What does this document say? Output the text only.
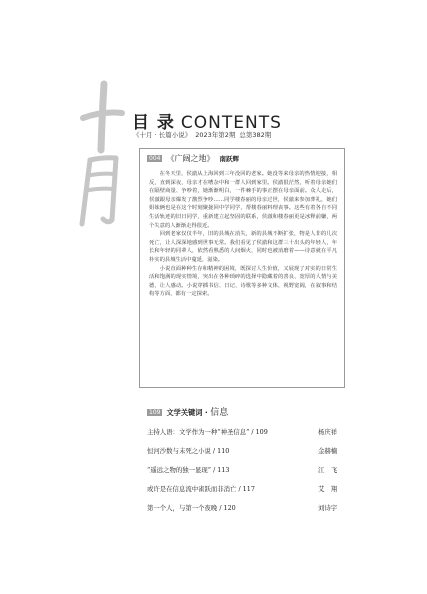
目 录 CONTENTS
《十月 · 长篇小说》 2023年第2期 总第382期
004 《广阔之地》 南跃辉

在冬天里，侯澈从上海回到三年没回的老家。她没等来母亲的热情迎接，相反，直到深夜，母亲才在嘈杂中和一群人回到家里。侯澈很茫然，听着母亲她们在隔壁商量、争吵着，她渐渐明白，一件棘手的事正摆在母亲面前。众人走后，侯澈跟母亲爆发了激烈争吵……同学楼春丽的母亲过世，侯澈来参加葬礼，她们姐妹俩也是在这个时刻聚拢回中学同学，帮楼春丽料理丧事。这些有着各自不同生活轨迹的旧日同学，重新建立起坚固的联系，侯澈和楼春丽更是冰释前嫌，两个失意的人渐渐走得很近。

回到老家仅仅半年，旧的县城在消失，新的县城不断扩张，物是人非的几次死亡，让人深深地感到世事无常。我们看见了侯澈和这群三十出头的年轻人，年长和年轻的同辈人，依然看熟悉的人间烟火，同时也被消磨着——诗意就在平凡朴实的县城生活中蔓延，滋染。

小说直面种种生存和精神的困境，既探讨人生价值，又展现了对实的日常生活和饱满的现实情境，突出在各种琐碎的选择中隐藏着的善良、宽厚的人情与美德，让人感动。小说穿插书信、日记、诗歌等多种文体，视野宽阔，在叙事和结构等方面，都有一定探索。

109 文学关键词 · 信息
主持人语：文学作为一种“神圣信息” / 109	杨庆祥
恒河沙数与未死之小说 / 110	金赫楠
“遥远之物的独一显现” / 113	江　飞
或许是在信息流中雀跃而非消亡 / 117	艾　翔
第一个人，与第一个夜晚 / 120	刘诗宇
